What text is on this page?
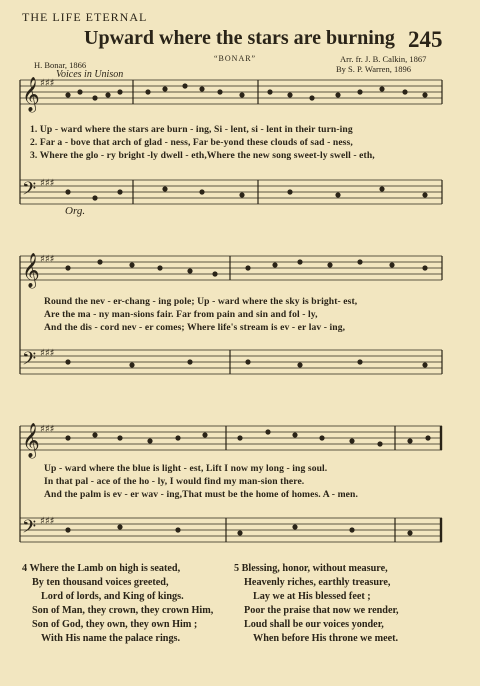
THE LIFE ETERNAL
Upward where the stars are burning 245
“BONAR”
H. Bonar, 1866
Arr. fr. J. B. Calkin, 1867
By S. P. Warren, 1896
Voices in Unison
Org.
𝄞
𝄢
𝄞
𝄢
𝄞
𝄢
♯♯♯
♯♯♯
♯♯♯
♯♯♯
♯♯♯
♯♯♯
1. Up - ward where the stars are burn - ing, Si - lent, si - lent in their turn-ing
2. Far a - bove that arch of glad - ness, Far be-yond these clouds of sad - ness,
3. Where the glo - ry bright -ly dwell - eth,Where the new song sweet-ly swell - eth,
Round the nev - er-chang - ing pole; Up - ward where the sky is bright- est,
Are the ma - ny man-sions fair. Far from pain and sin and fol - ly,
And the dis - cord nev - er comes; Where life's stream is ev - er lav - ing,
Up - ward where the blue is light - est, Lift I now my long - ing soul.
In that pal - ace of the ho - ly, I would find my man-sion there.
And the palm is ev - er wav - ing,That must be the home of homes. A - men.
4 Where the Lamb on high is seated,
By ten thousand voices greeted,
Lord of lords, and King of kings.
Son of Man, they crown, they crown Him,
Son of God, they own, they own Him ;
With His name the palace rings.
5 Blessing, honor, without measure,
Heavenly riches, earthly treasure,
Lay we at His blessed feet ;
Poor the praise that now we render,
Loud shall be our voices yonder,
When before His throne we meet.
